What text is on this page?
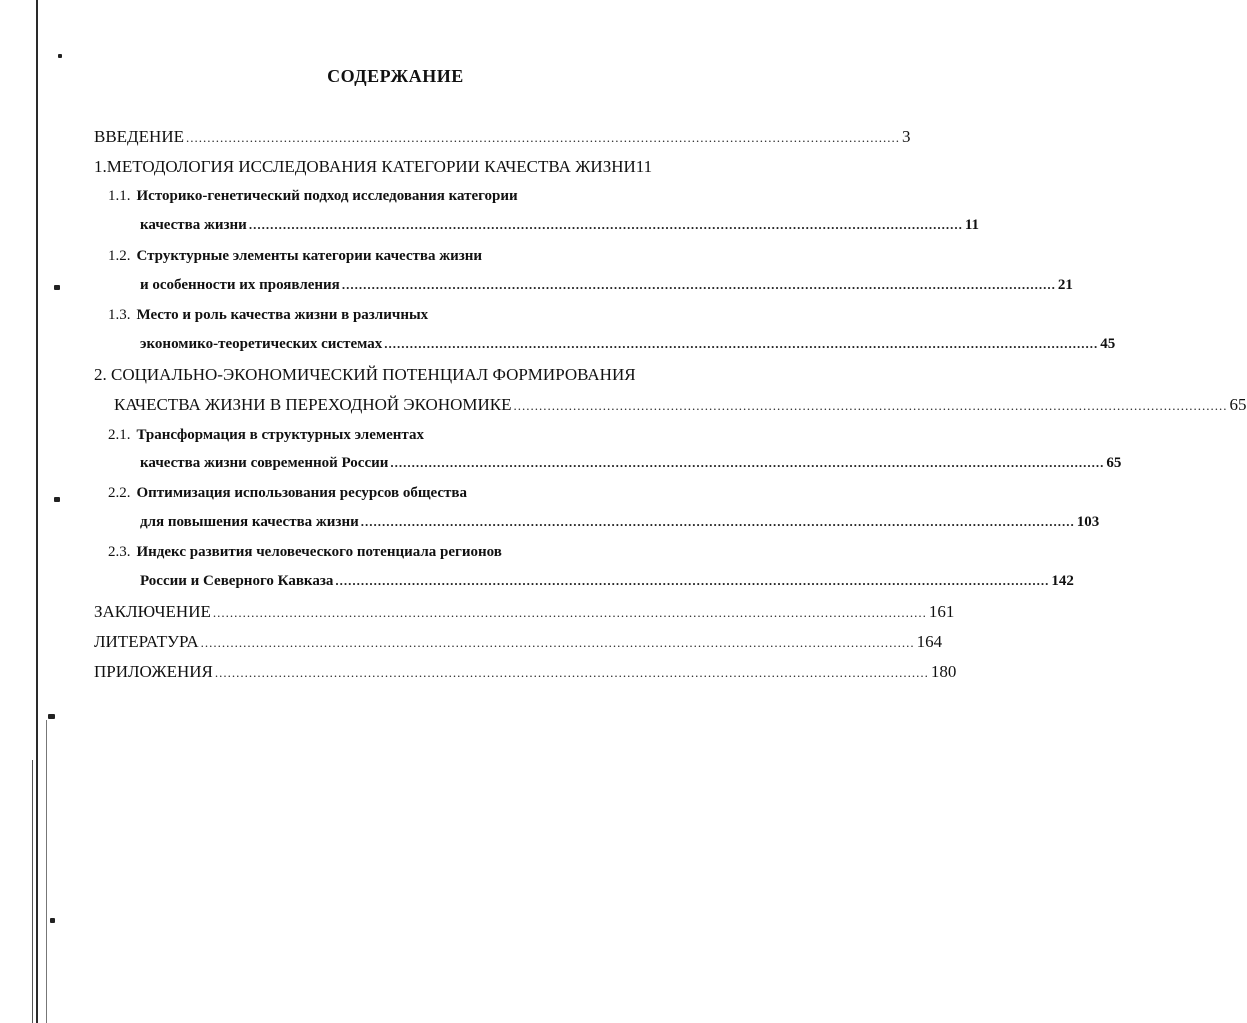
СОДЕРЖАНИЕ
ВВЕДЕНИЕ ........................................................................................................................................................................ 3
1.МЕТОДОЛОГИЯ ИССЛЕДОВАНИЯ КАТЕГОРИИ КАЧЕСТВА ЖИЗНИ 11
1.1. Историко-генетический подход исследования категории
качества жизни ........................................................................................................................................................................ 11
1.2. Структурные элементы категории качества жизни
и особенности их проявления ........................................................................................................................................................................ 21
1.3. Место и роль качества жизни в различных
экономико-теоретических системах ........................................................................................................................................................................ 45
2. СОЦИАЛЬНО-ЭКОНОМИЧЕСКИЙ ПОТЕНЦИАЛ ФОРМИРОВАНИЯ
КАЧЕСТВА ЖИЗНИ В ПЕРЕХОДНОЙ ЭКОНОМИКЕ ........................................................................................................................................................................ 65
2.1. Трансформация в структурных элементах
качества жизни современной России ........................................................................................................................................................................ 65
2.2. Оптимизация использования ресурсов общества
для повышения качества жизни ........................................................................................................................................................................ 103
2.3. Индекс развития человеческого потенциала регионов
России и Северного Кавказа ........................................................................................................................................................................ 142
ЗАКЛЮЧЕНИЕ ........................................................................................................................................................................ 161
ЛИТЕРАТУРА ........................................................................................................................................................................ 164
ПРИЛОЖЕНИЯ ........................................................................................................................................................................ 180
